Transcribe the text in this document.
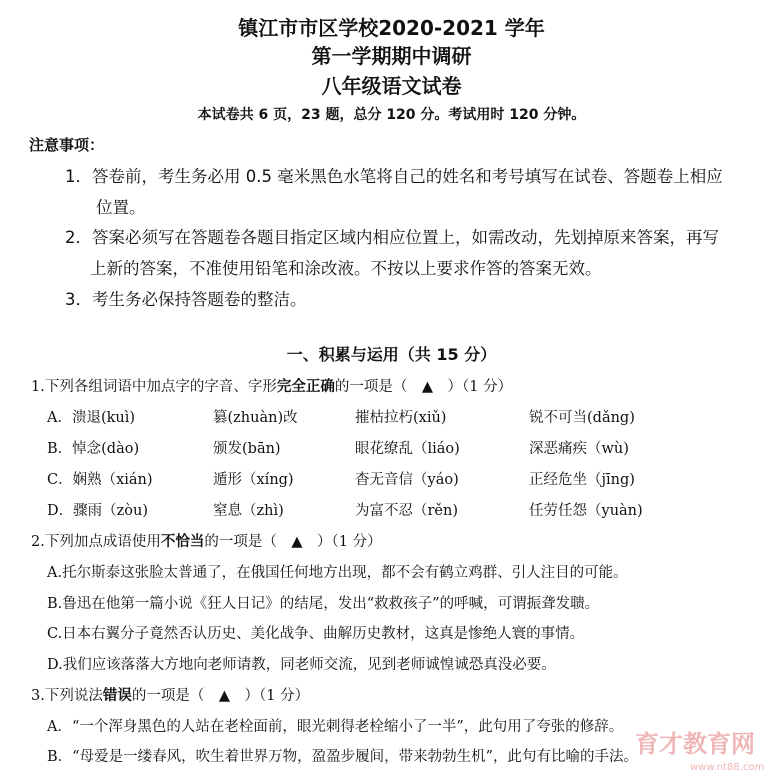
镇江市市区学校2020-2021 学年
第一学期期中调研
八年级语文试卷
本试卷共 6 页，23 题，总分 120 分。考试用时 120 分钟。
注意事项：
1．答卷前，考生务必用 0.5 毫米黑色水笔将自己的姓名和考号填写在试卷、答题卷上相应
位置。
2．答案必须写在答题卷各题目指定区域内相应位置上，如需改动，先划掉原来答案，再写
上新的答案，不准使用铅笔和涂改液。不按以上要求作答的答案无效。
3．考生务必保持答题卷的整洁。
一、积累与运用（共 15 分）
1.下列各组词语中加点字的字音、字形完全正确的一项是（　▲　）（1 分）
A．溃退(kuì)	篡(zhuàn)改	摧枯拉朽(xiǔ)	锐不可当(dǎng)
B．悼念(dào)	颁发(bān)	眼花缭乱（liáo)	深恶痛疾（wù)
C．娴熟（xián)	遁形（xíng)	杳无音信（yáo)	正经危坐（jīng)
D．骤雨（zòu)	窒息（zhì)	为富不忍（rěn)	任劳任怨（yuàn)
2.下列加点成语使用不恰当的一项是（　▲　）（1 分）
A.托尔斯泰这张脸太普通了，在俄国任何地方出现，都不会有鹤立鸡群、引人注目的可能。
B.鲁迅在他第一篇小说《狂人日记》的结尾，发出“救救孩子”的呼喊，可谓振聋发聩。
C.日本右翼分子竟然否认历史、美化战争、曲解历史教材，这真是惨绝人寰的事情。
D.我们应该落落大方地向老师请教，同老师交流，见到老师诚惶诚恐真没必要。
3.下列说法错误的一项是（　▲　）（1 分）
A．“一个浑身黑色的人站在老栓面前，眼光刺得老栓缩小了一半”，此句用了夸张的修辞。
B．“母爱是一缕春风，吹生着世界万物，盈盈步履间，带来勃勃生机”，此句有比喻的手法。
育才教育网
www.nt88.com
